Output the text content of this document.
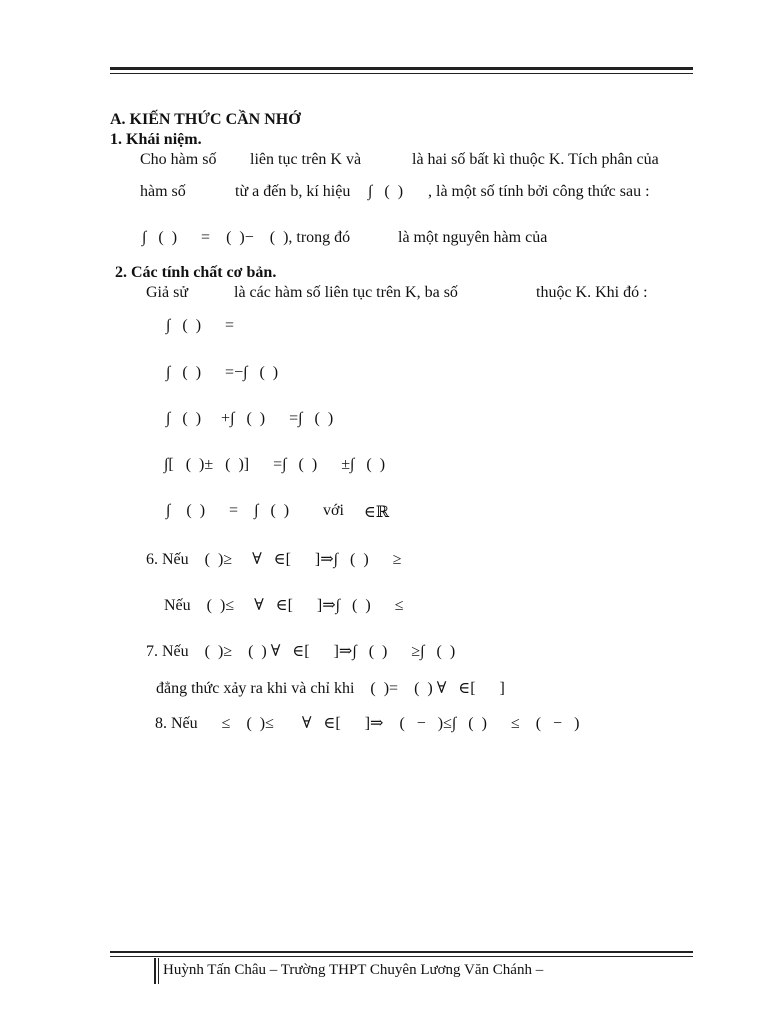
A. KIẾN THỨC CẦN NHỚ
1. Khái niệm.
Cho hàm số liên tục trên K và	là hai số bất kì thuộc K. Tích phân của
hàm số	từ a đến b, kí hiệu ∫   (  ) , là một số tính bởi công thức sau :
∫   (  )      =    (  )−    (  ), trong đó	là một nguyên hàm của
2. Các tính chất cơ bản.
Giả sử	là các hàm số liên tục trên K, ba số	thuộc K. Khi đó :
∫   (  )      =
∫   (  )      =−∫   (  )
∫   (  )     +∫   (  )      =∫   (  )
∫[   (  )±   (  )]      =∫   (  )      ±∫   (  )
∫    (  )      =    ∫   (  ) với ∈ℝ
6. Nếu    (  )≥     ∀   ∈[      ]⇒∫   (  )      ≥
Nếu    (  )≤     ∀   ∈[      ]⇒∫   (  )      ≤
7. Nếu    (  )≥    (  ) ∀   ∈[      ]⇒∫   (  )      ≥∫   (  )
đẳng thức xảy ra khi và chỉ khi    (  )=    (  ) ∀   ∈[      ]
8. Nếu      ≤    (  )≤       ∀   ∈[      ]⇒    (   −   )≤∫   (  )      ≤    (   −   )
Huỳnh Tấn Châu – Trường THPT Chuyên Lương Văn Chánh –
